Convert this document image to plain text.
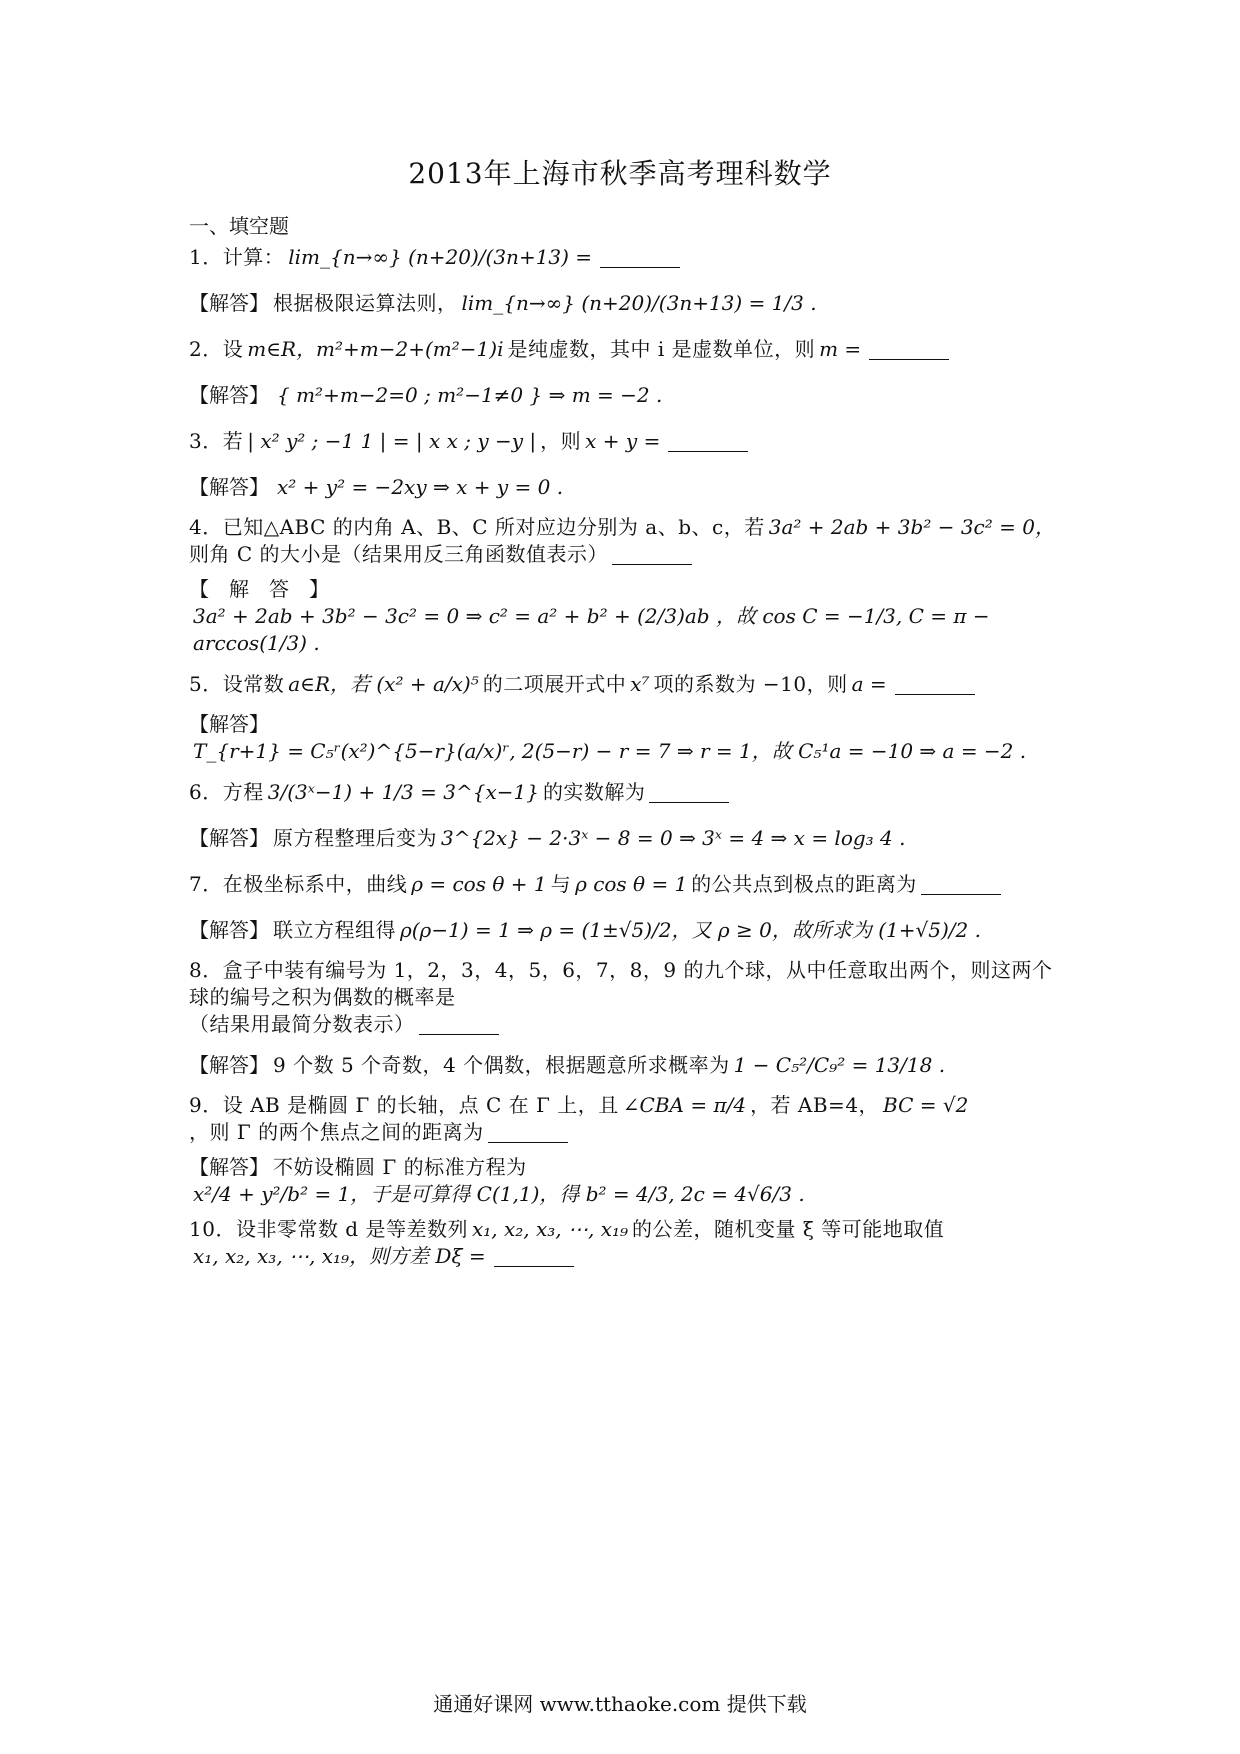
2013年上海市秋季高考理科数学
一、填空题
1．计算： lim_{n→∞} (n+20)/(3n+13) =
【解答】 根据极限运算法则， lim_{n→∞} (n+20)/(3n+13) = 1/3 .
2．设 m∈R，m²+m−2+(m²−1)i 是纯虚数，其中 i 是虚数单位，则 m =
【解答】 { m²+m−2=0 ; m²−1≠0 } ⇒ m = −2 .
3．若 | x² y² ; −1 1 | = | x x ; y −y | ，则 x + y =
【解答】 x² + y² = −2xy ⇒ x + y = 0 .
4．已知△ABC 的内角 A、B、C 所对应边分别为 a、b、c，若 3a² + 2ab + 3b² − 3c² = 0，
则角 C 的大小是 （结果用反三角函数值表示）
【　解　答　】
3a² + 2ab + 3b² − 3c² = 0 ⇒ c² = a² + b² + (2/3)ab ，故 cos C = −1/3, C = π − arccos(1/3) .
5．设常数 a∈R，若 (x² + a/x)⁵ 的二项展开式中 x⁷ 项的系数为 −10，则 a =
【解答】
T_{r+1} = C₅ʳ(x²)^{5−r}(a/x)ʳ, 2(5−r) − r = 7 ⇒ r = 1，故 C₅¹a = −10 ⇒ a = −2 .
6．方程 3/(3ˣ−1) + 1/3 = 3^{x−1} 的实数解为
【解答】 原方程整理后变为 3^{2x} − 2·3ˣ − 8 = 0 ⇒ 3ˣ = 4 ⇒ x = log₃ 4 .
7．在极坐标系中，曲线 ρ = cos θ + 1 与 ρ cos θ = 1 的公共点到极点的距离为
【解答】 联立方程组得 ρ(ρ−1) = 1 ⇒ ρ = (1±√5)/2，又 ρ ≥ 0，故所求为 (1+√5)/2 .
8．盒子中装有编号为 1，2，3，4，5，6，7，8，9 的九个球，从中任意取出两个，则这两个球的编号之积为偶数的概率是
（结果用最简分数表示）
【解答】 9 个数 5 个奇数，4 个偶数，根据题意所求概率为 1 − C₅²/C₉² = 13/18 .
9．设 AB 是椭圆 Γ 的长轴，点 C 在 Γ 上，且 ∠CBA = π/4 ，若 AB=4， BC = √2
，则 Γ 的两个焦点之间的距离为
【解答】 不妨设椭圆 Γ 的标准方程为
x²/4 + y²/b² = 1，于是可算得 C(1,1)，得 b² = 4/3, 2c = 4√6/3 .
10．设非零常数 d 是等差数列 x₁, x₂, x₃, ⋯, x₁₉ 的公差，随机变量 ξ 等可能地取值
x₁, x₂, x₃, ⋯, x₁₉，则方差 Dξ =
通通好课网 www.tthaoke.com 提供下载
